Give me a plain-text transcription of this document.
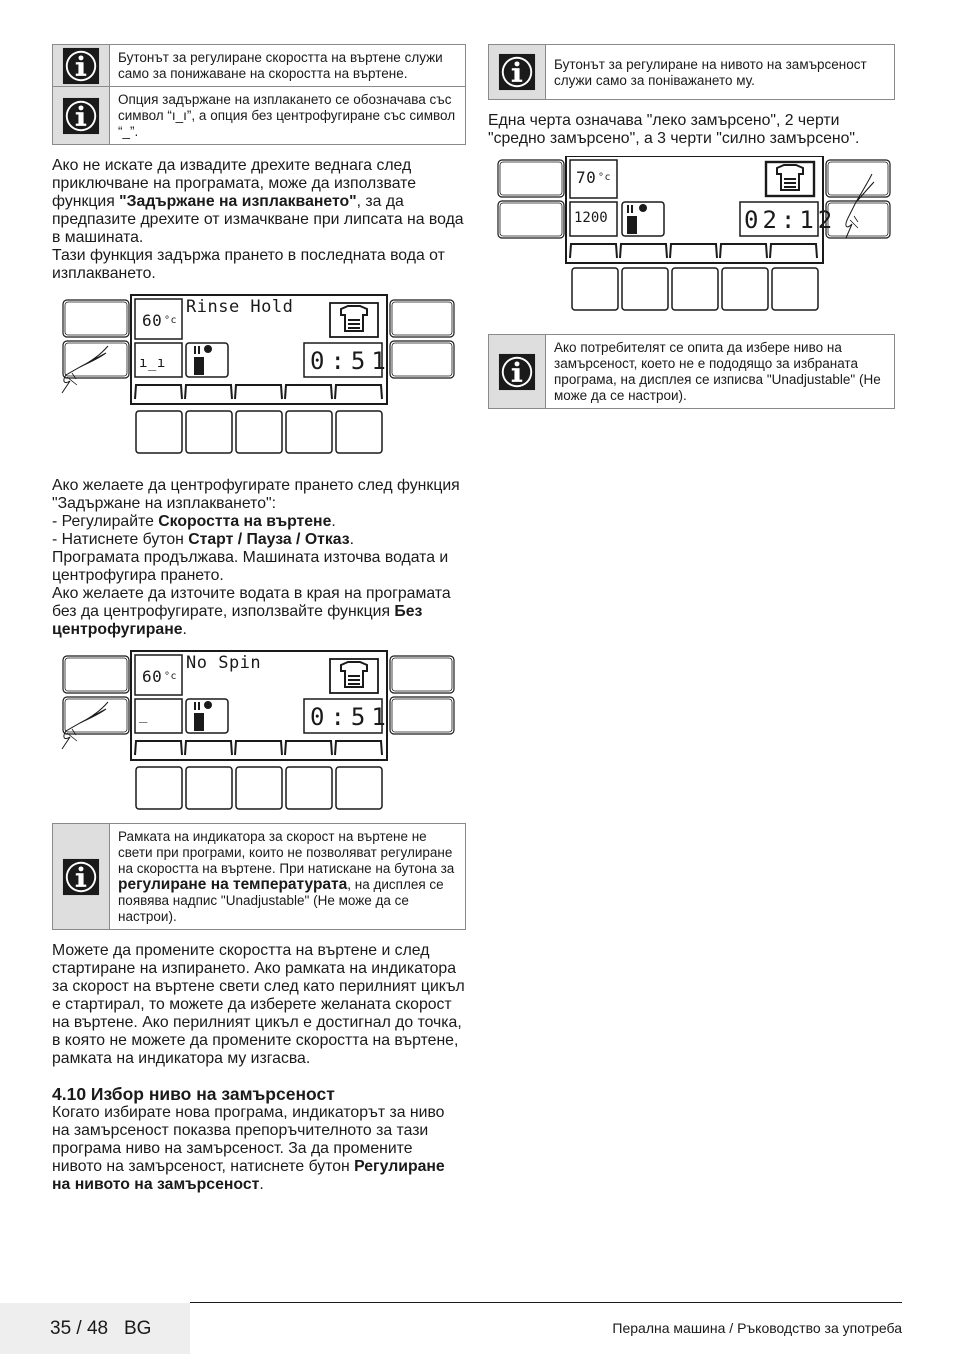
Бутонът за регулиране скоростта на въртене служи само за понижаване на скоростта на въртене.
Опция задържане на изплакането се обозначава със символ “ı_ı”, а опция без центрофугиране със символ “_”.

Ако не искате да извадите дрехите веднага след приключване на програмата, може да използвате функция "Задържане на изплакването", за да предпазите дрехите от измачкване при липсата на вода в машината.

Тази функция задържа прането в последната вода от изплакването.

60 °c
Rinse Hold
ı_ı	0:51

Ако желаете да центрофугирате прането след функция "Задържане на изплакването":

- Регулирайте Скоростта на въртене.

- Натиснете бутон Старт / Пауза / Отказ.

Програмата продължава. Машината източва водата и центрофугира прането.

Ако желаете да източите водата в края на програмата без да центрофугирате, използвайте функция Без центрофугиране.

60 °c
No Spin
_	0:51
Рамката на индикатора за скорост на въртене не свети при програми, които не позволяват регулиране на скоростта на въртене. При натискане на бутона за регулиране на температурата, на дисплея се появява надпис "Unadjustable" (Не може да се настрои).

Можете да промените скоростта на въртене и след стартиране на изпирането. Ако рамката на индикатора за скорост на въртене свети след като перилният цикъл е стартирал, то можете да изберете желаната скорост на въртене. Ако перилният цикъл е достигнал до точка, в която не можете да промените скоростта на въртене, рамката на индикатора му изгасва.

4.10 Избор ниво на замърсеност

Когато избирате нова програма, индикаторът за ниво на замърсеност показва препоръчителното за тази програма ниво на замърсеност. За да промените нивото на замърсеност, натиснете бутон Регулиране на нивото на замърсеност.

Бутонът за регулиране на нивото на замърсеност служи само за поніважането му.

Една черта означава "леко замърсено", 2 черти "средно замърсено", а 3 черти "силно замърсено".

70 °c
1200	02:12
Ако потребителят се опита да избере ниво на замърсеност, което не е пододящо за избраната програма, на дисплея се изписва "Unadjustable" (Не може да се настрои).
35 / 48   BG	Перална машина / Ръководство за употреба
